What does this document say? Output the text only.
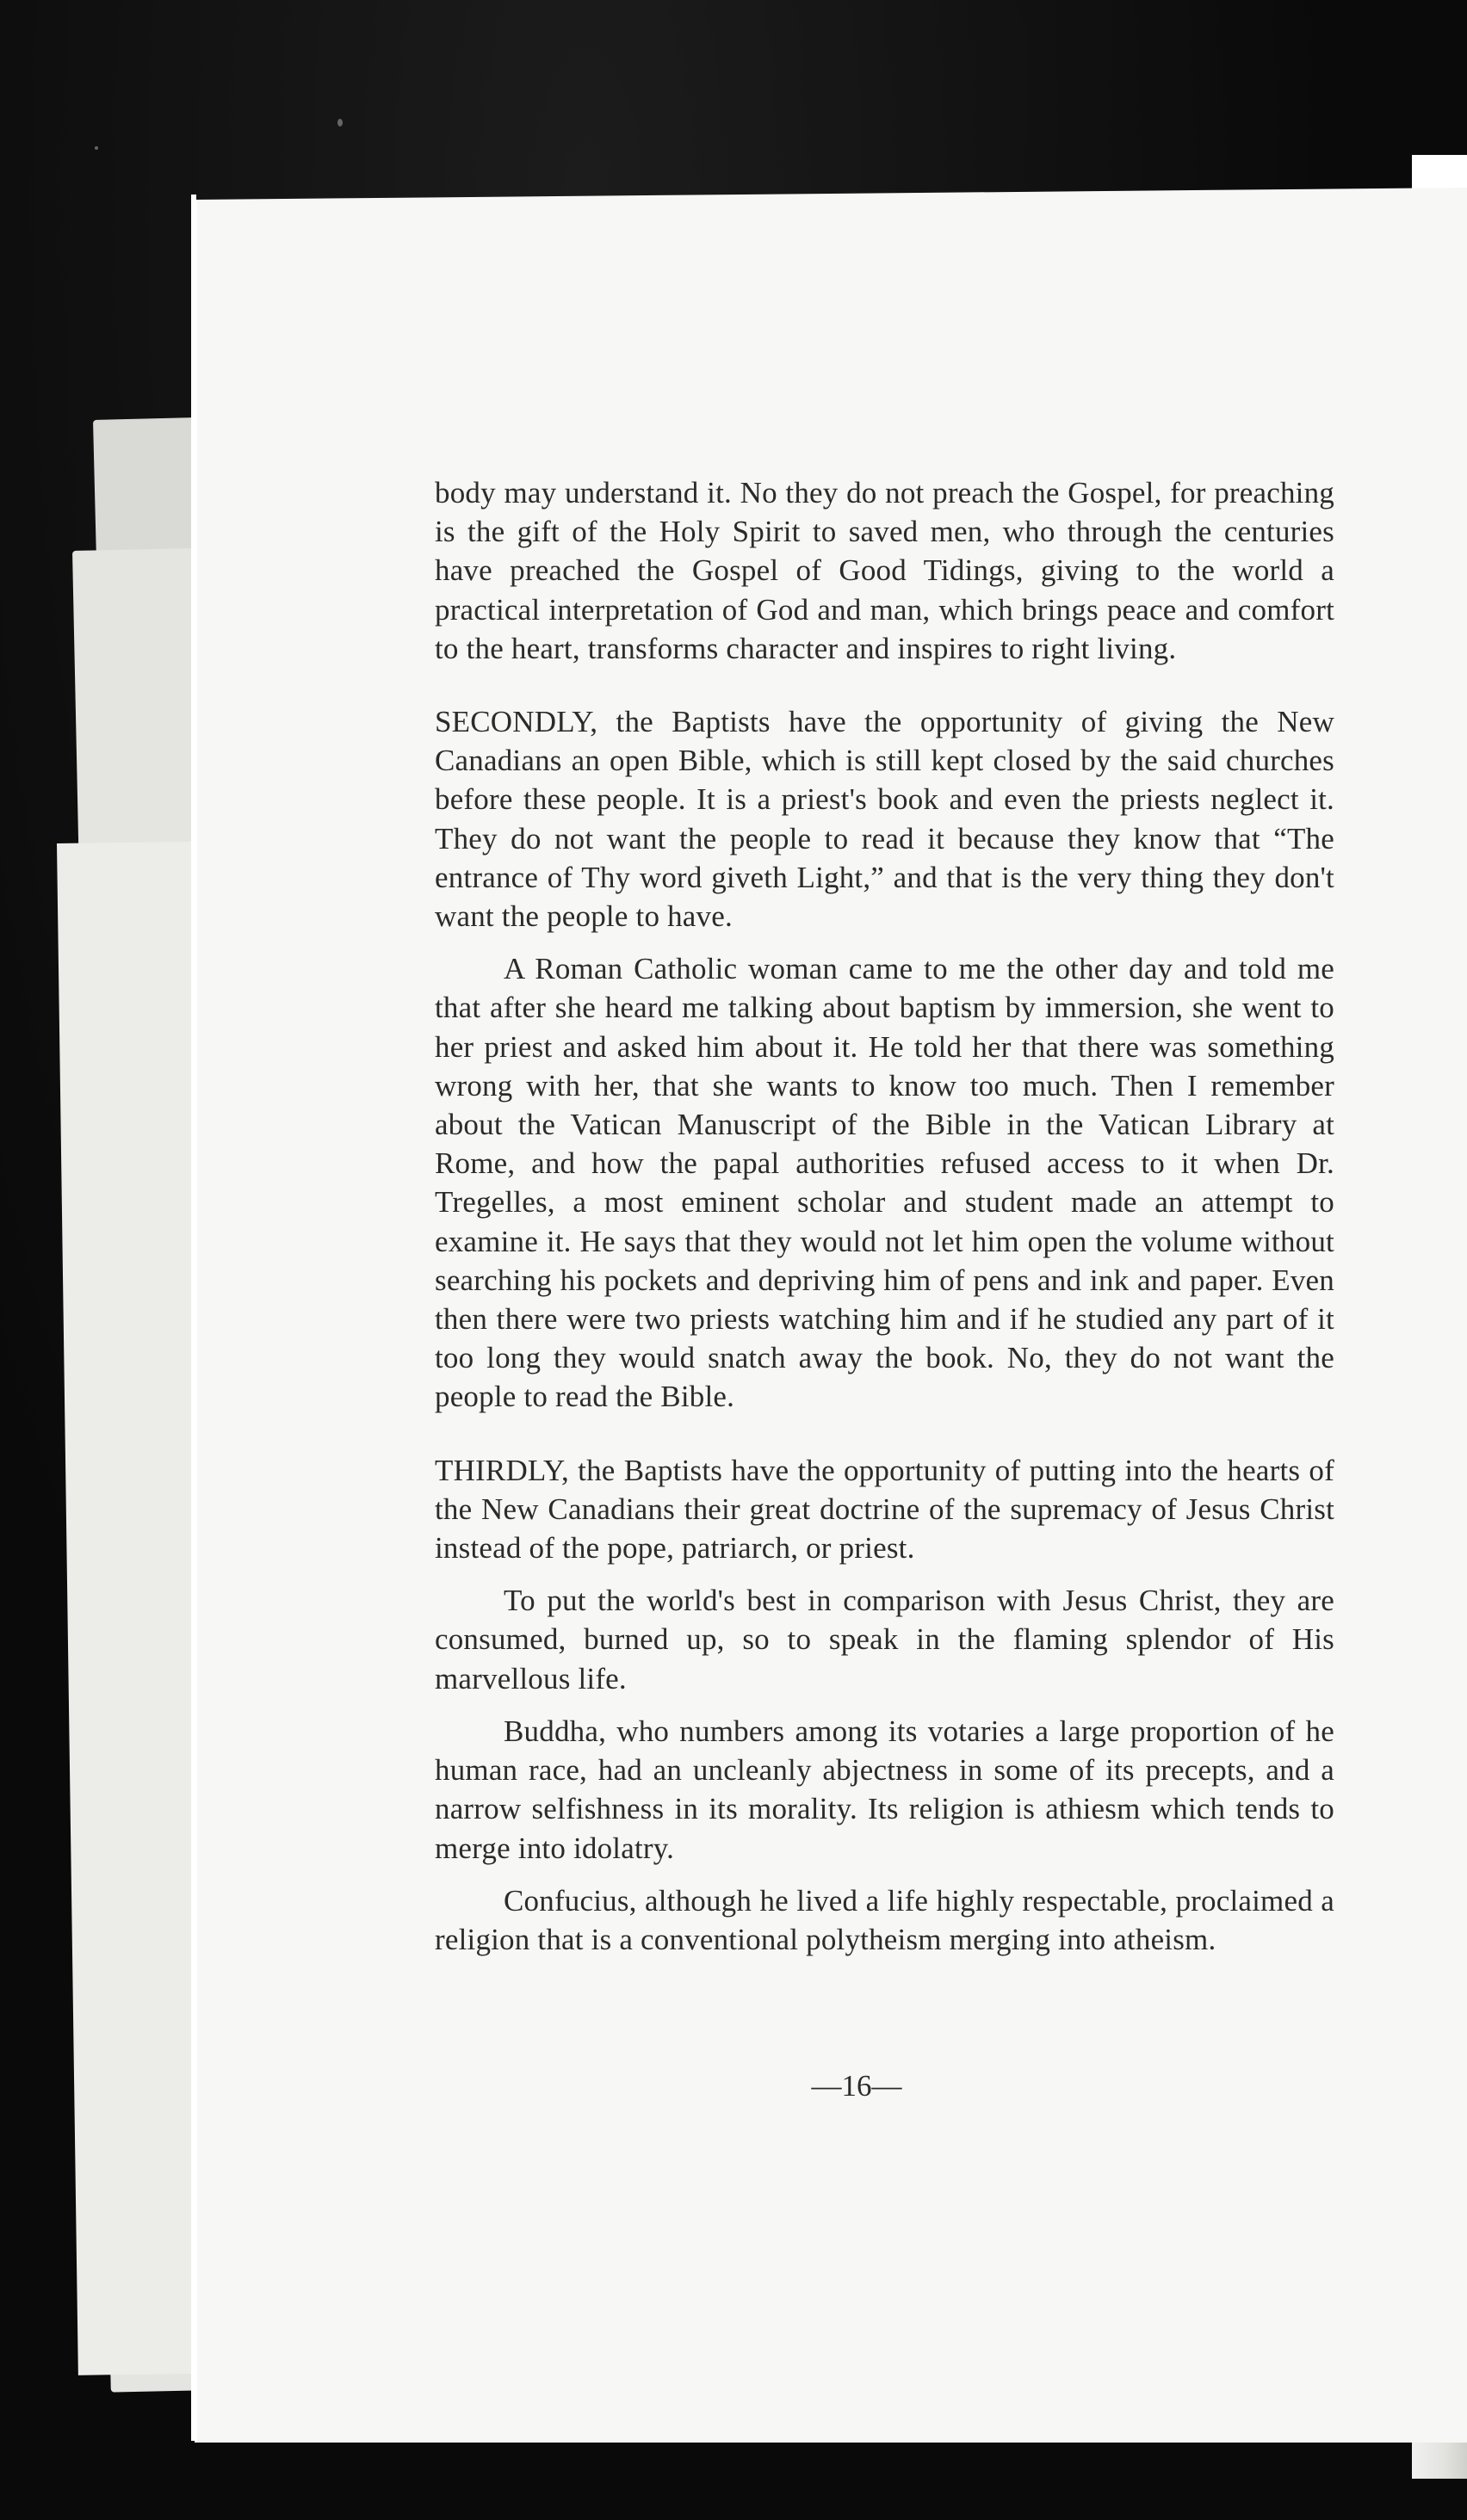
body may understand it. No they do not preach the Gospel, for preaching is the gift of the Holy Spirit to saved men, who through the centuries have preached the Gospel of Good Tidings, giving to the world a practical interpretation of God and man, which brings peace and comfort to the heart, transforms character and inspires to right living.

SECONDLY, the Baptists have the opportunity of giving the New Canadians an open Bible, which is still kept closed by the said churches before these people. It is a priest's book and even the priests neglect it. They do not want the people to read it because they know that “The entrance of Thy word giveth Light,” and that is the very thing they don't want the people to have.

A Roman Catholic woman came to me the other day and told me that after she heard me talking about baptism by immersion, she went to her priest and asked him about it. He told her that there was something wrong with her, that she wants to know too much. Then I remember about the Vatican Manuscript of the Bible in the Vatican Library at Rome, and how the papal authorities refused access to it when Dr. Tregelles, a most eminent scholar and student made an attempt to examine it. He says that they would not let him open the volume without searching his pockets and depriving him of pens and ink and paper. Even then there were two priests watching him and if he studied any part of it too long they would snatch away the book. No, they do not want the people to read the Bible.

THIRDLY, the Baptists have the opportunity of putting into the hearts of the New Canadians their great doctrine of the supremacy of Jesus Christ instead of the pope, patriarch, or priest.

To put the world's best in comparison with Jesus Christ, they are consumed, burned up, so to speak in the flaming splendor of His marvellous life.

Buddha, who numbers among its votaries a large proportion of he human race, had an uncleanly abjectness in some of its precepts, and a narrow selfishness in its morality. Its religion is athiesm which tends to merge into idolatry.

Confucius, although he lived a life highly respectable, proclaimed a religion that is a conventional polytheism merging into atheism.

—16—
